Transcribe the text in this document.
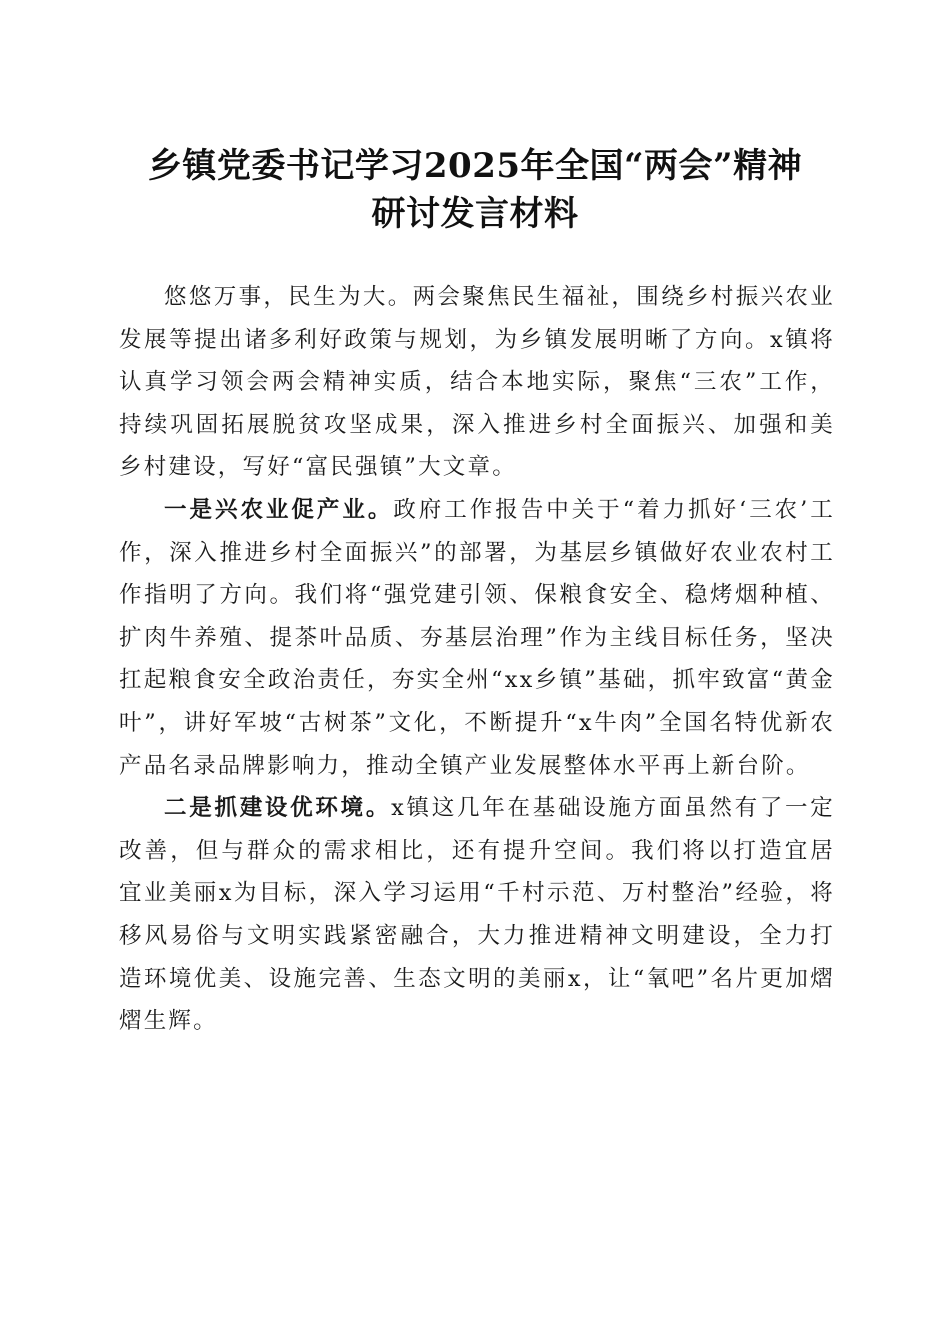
乡镇党委书记学习2025年全国“两会”精神
研讨发言材料

悠悠万事，民生为大。两会聚焦民生福祉，围绕乡村振兴农业发展等提出诸多利好政策与规划，为乡镇发展明晰了方向。x镇将认真学习领会两会精神实质，结合本地实际，聚焦“三农”工作，持续巩固拓展脱贫攻坚成果，深入推进乡村全面振兴、加强和美乡村建设，写好“富民强镇”大文章。

一是兴农业促产业。政府工作报告中关于“着力抓好‘三农’工作，深入推进乡村全面振兴”的部署，为基层乡镇做好农业农村工作指明了方向。我们将“强党建引领、保粮食安全、稳烤烟种植、扩肉牛养殖、提茶叶品质、夯基层治理”作为主线目标任务，坚决扛起粮食安全政治责任，夯实全州“xx乡镇”基础，抓牢致富“黄金叶”，讲好军坡“古树茶”文化，不断提升“x牛肉”全国名特优新农产品名录品牌影响力，推动全镇产业发展整体水平再上新台阶。

二是抓建设优环境。x镇这几年在基础设施方面虽然有了一定改善，但与群众的需求相比，还有提升空间。我们将以打造宜居宜业美丽x为目标，深入学习运用“千村示范、万村整治”经验，将移风易俗与文明实践紧密融合，大力推进精神文明建设，全力打造环境优美、设施完善、生态文明的美丽x，让“氧吧”名片更加熠熠生辉。
